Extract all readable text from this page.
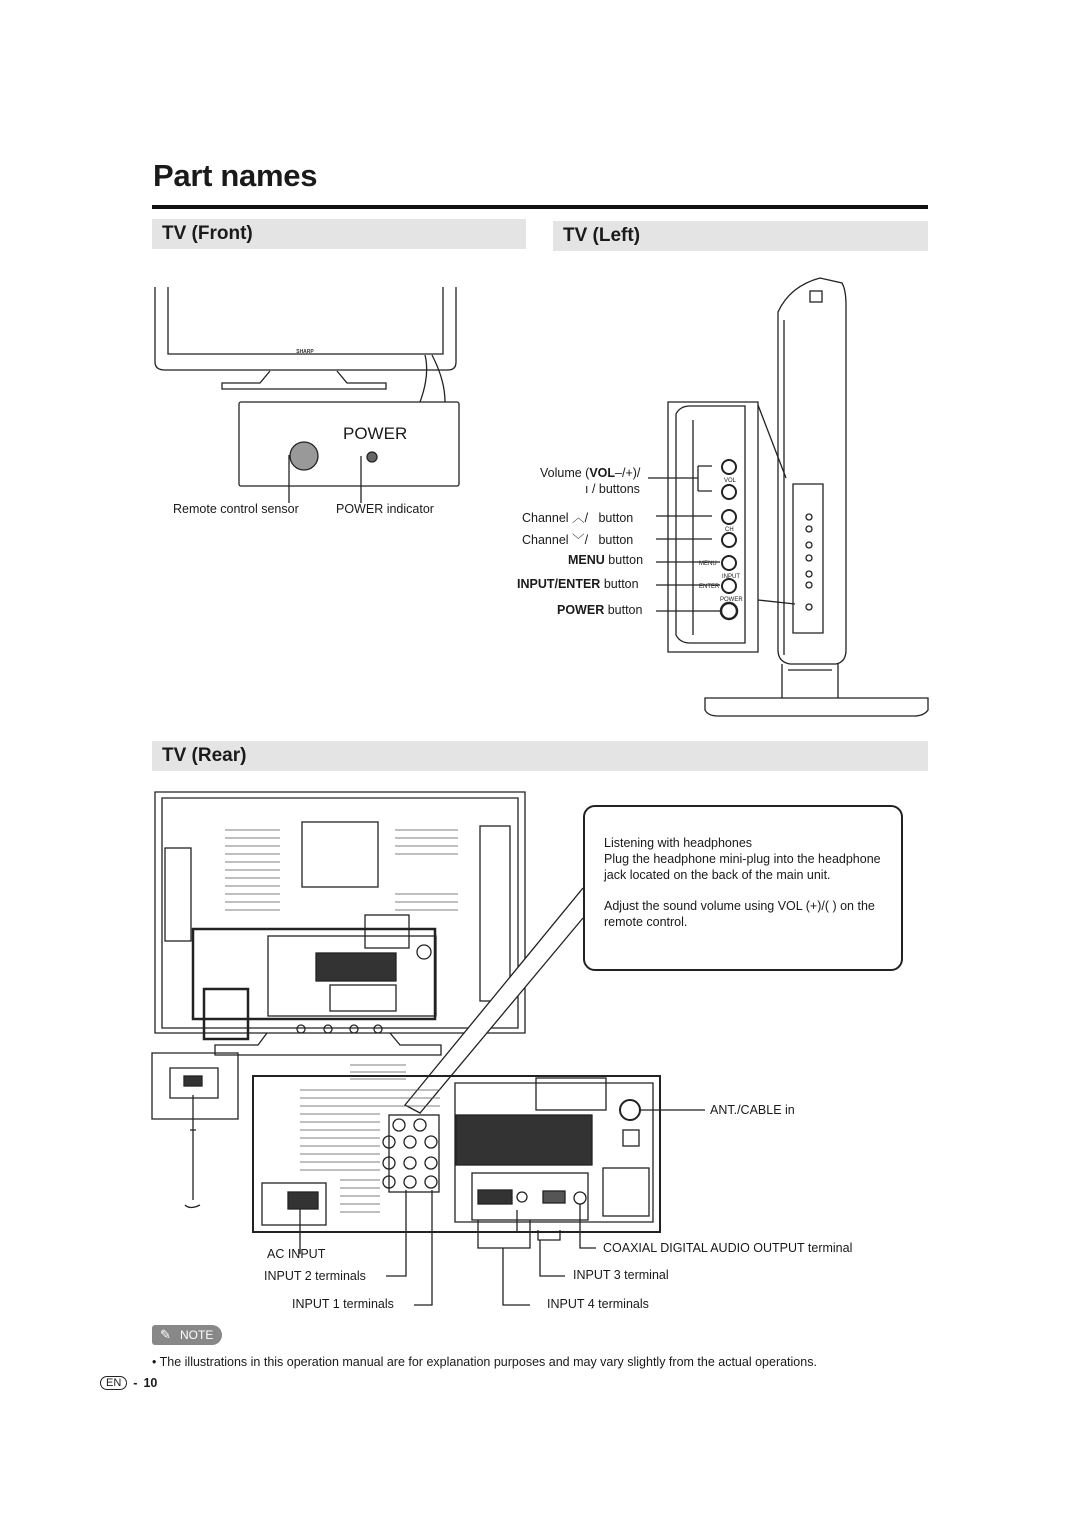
Part names
TV (Front)	TV (Left)
TV (Rear)
SHARP
POWER
Remote control sensor	POWER indicator
VOL
CH
MENU
INPUT
ENTER
POWER
Volume (VOL–/+)/
ı / buttons
Channel ︿/ button
Channel ﹀/ button
MENU button
INPUT/ENTER button
POWER button

Listening with headphones
Plug the headphone mini-plug into the headphone jack located on the back of the main unit.

Adjust the sound volume using VOL (+)/( ) on the remote control.

ANT./CABLE in
COAXIAL DIGITAL AUDIO OUTPUT terminal
AC INPUT
INPUT 2 terminals	INPUT 3 terminal
INPUT 1 terminals	INPUT 4 terminals
✎ NOTE
• The illustrations in this operation manual are for explanation purposes and may vary slightly from the actual operations.
EN - 10
